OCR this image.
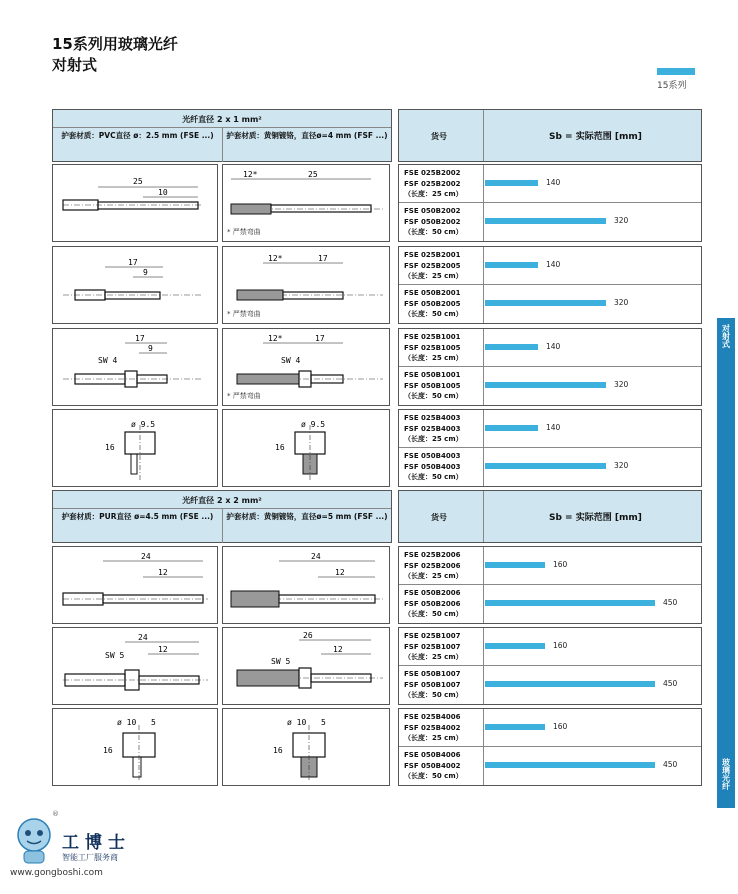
15系列用玻璃光纤
对射式
15系列
对射式
玻璃光纤
光纤直径 2 x 1 mm²
护套材质：PVC直径 ø：2.5 mm (FSE ...)	护套材质：黄铜镀铬，直径ø=4 mm (FSF ...)	货号	Sb = 实际范围 [mm]
光纤直径 2 x 2 mm²
护套材质：PUR直径 ø=4.5 mm (FSE ...)	护套材质：黄铜镀铬，直径ø=5 mm (FSF ...)	货号	Sb = 实际范围 [mm]
25
10
12*	25
* 严禁弯曲
17
9
12*	17
* 严禁弯曲
SW 4
17
9
SW 4
12*	17
* 严禁弯曲
ø 9.5
16
ø 9.5
16
24
12
24
12
SW 5
24
12
SW 5
26
12
ø 10 5
16
ø 10 5
16
FSE 025B2002
FSF 025B2002
（长度：25 cm）
140
FSE 050B2002
FSF 050B2002
（长度：50 cm）
320
FSE 025B2001
FSF 025B2005
（长度：25 cm）
140
FSE 050B2001
FSF 050B2005
（长度：50 cm）
320
FSE 025B1001
FSF 025B1005
（长度：25 cm）
140
FSE 050B1001
FSF 050B1005
（长度：50 cm）
320
FSE 025B4003
FSF 025B4003
（长度：25 cm）
140
FSE 050B4003
FSF 050B4003
（长度：50 cm）
320
FSE 025B2006
FSF 025B2006
（长度：25 cm）
160
FSE 050B2006
FSF 050B2006
（长度：50 cm）
450
FSE 025B1007
FSF 025B1007
（长度：25 cm）
160
FSE 050B1007
FSF 050B1007
（长度：50 cm）
450
FSE 025B4006
FSF 025B4002
（长度：25 cm）
160
FSE 050B4006
FSF 050B4002
（长度：50 cm）
450
®
工博士
智能工厂服务商
www.gongboshi.com
